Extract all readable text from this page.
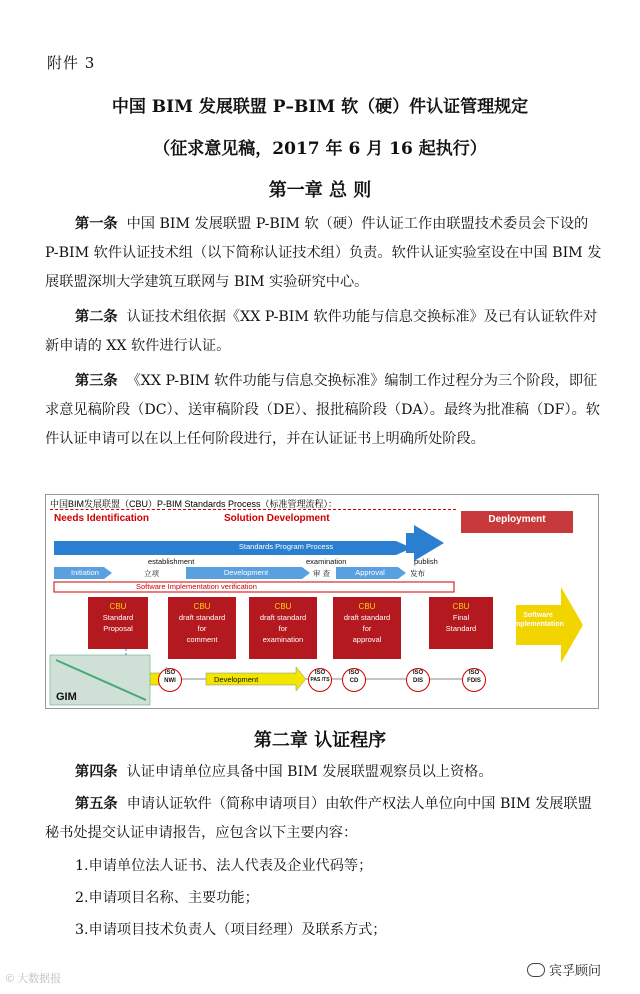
附件 3
中国 BIM 发展联盟 P–BIM 软（硬）件认证管理规定
（征求意见稿，2017 年 6 月 16 起执行）
第一章 总 则
第一条 中国 BIM 发展联盟 P-BIM 软（硬）件认证工作由联盟技术委员会下设的 P-BIM 软件认证技术组（以下简称认证技术组）负责。软件认证实验室设在中国 BIM 发展联盟深圳大学建筑互联网与 BIM 实验研究中心。
第二条 认证技术组依据《XX P-BIM 软件功能与信息交换标准》及已有认证软件对新申请的 XX 软件进行认证。
第三条 《XX P-BIM 软件功能与信息交换标准》编制工作过程分为三个阶段，即征求意见稿阶段（DC）、送审稿阶段（DE）、报批稿阶段（DA）。最终为批准稿（DF）。软件认证申请可以在以上任何阶段进行，并在认证证书上明确所处阶段。
中国BIM发展联盟（CBU）P-BIM Standards Process（标准管理流程）：
Needs Identification	Solution Development	Deployment
Standards Program Process
establishment	examination	publish
Initiation	立项	Development	审 查	Approval	发布
Software Implementation verification
CBU
Standard
Proposal
CBU
draft standard
for
comment
CBU
draft standard
for
examination
CBU
draft standard
for
approval
CBU
Final
Standard
Software Implementation
GIM
Development
ISO
NWI
ISO
PAS /TS
ISO
CD
ISO
DIS
ISO
FDIS
第二章 认证程序
第四条 认证申请单位应具备中国 BIM 发展联盟观察员以上资格。
第五条 申请认证软件（简称申请项目）由软件产权法人单位向中国 BIM 发展联盟秘书处提交认证申请报告，应包含以下主要内容：
1.申请单位法人证书、法人代表及企业代码等；
2.申请项目名称、主要功能；
3.申请项目技术负责人（项目经理）及联系方式；
© 大数据报
宾孚顾问
